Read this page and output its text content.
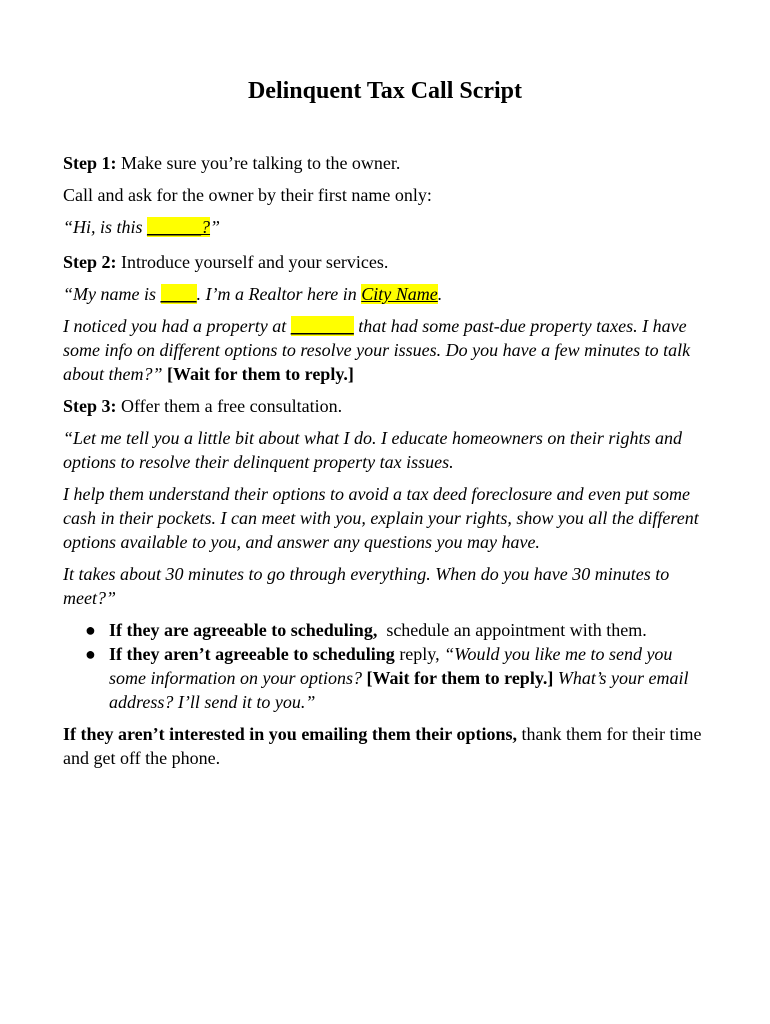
Delinquent Tax Call Script

Step 1: Make sure you’re talking to the owner.

Call and ask for the owner by their first name only:

“Hi, is this ______?”

Step 2: Introduce yourself and your services.

“My name is ____. I’m a Realtor here in City Name.

I noticed you had a property at _______ that had some past-due property taxes. I have some info on different options to resolve your issues. Do you have a few minutes to talk about them?” [Wait for them to reply.]

Step 3: Offer them a free consultation.

“Let me tell you a little bit about what I do. I educate homeowners on their rights and options to resolve their delinquent property tax issues.

I help them understand their options to avoid a tax deed foreclosure and even put some cash in their pockets. I can meet with you, explain your rights, show you all the different options available to you, and answer any questions you may have.

It takes about 30 minutes to go through everything. When do you have 30 minutes to meet?”

● If they are agreeable to scheduling,  schedule an appointment with them.
● If they aren’t agreeable to scheduling reply, “Would you like me to send you some information on your options? [Wait for them to reply.] What’s your email address? I’ll send it to you.”

If they aren’t interested in you emailing them their options, thank them for their time and get off the phone.
